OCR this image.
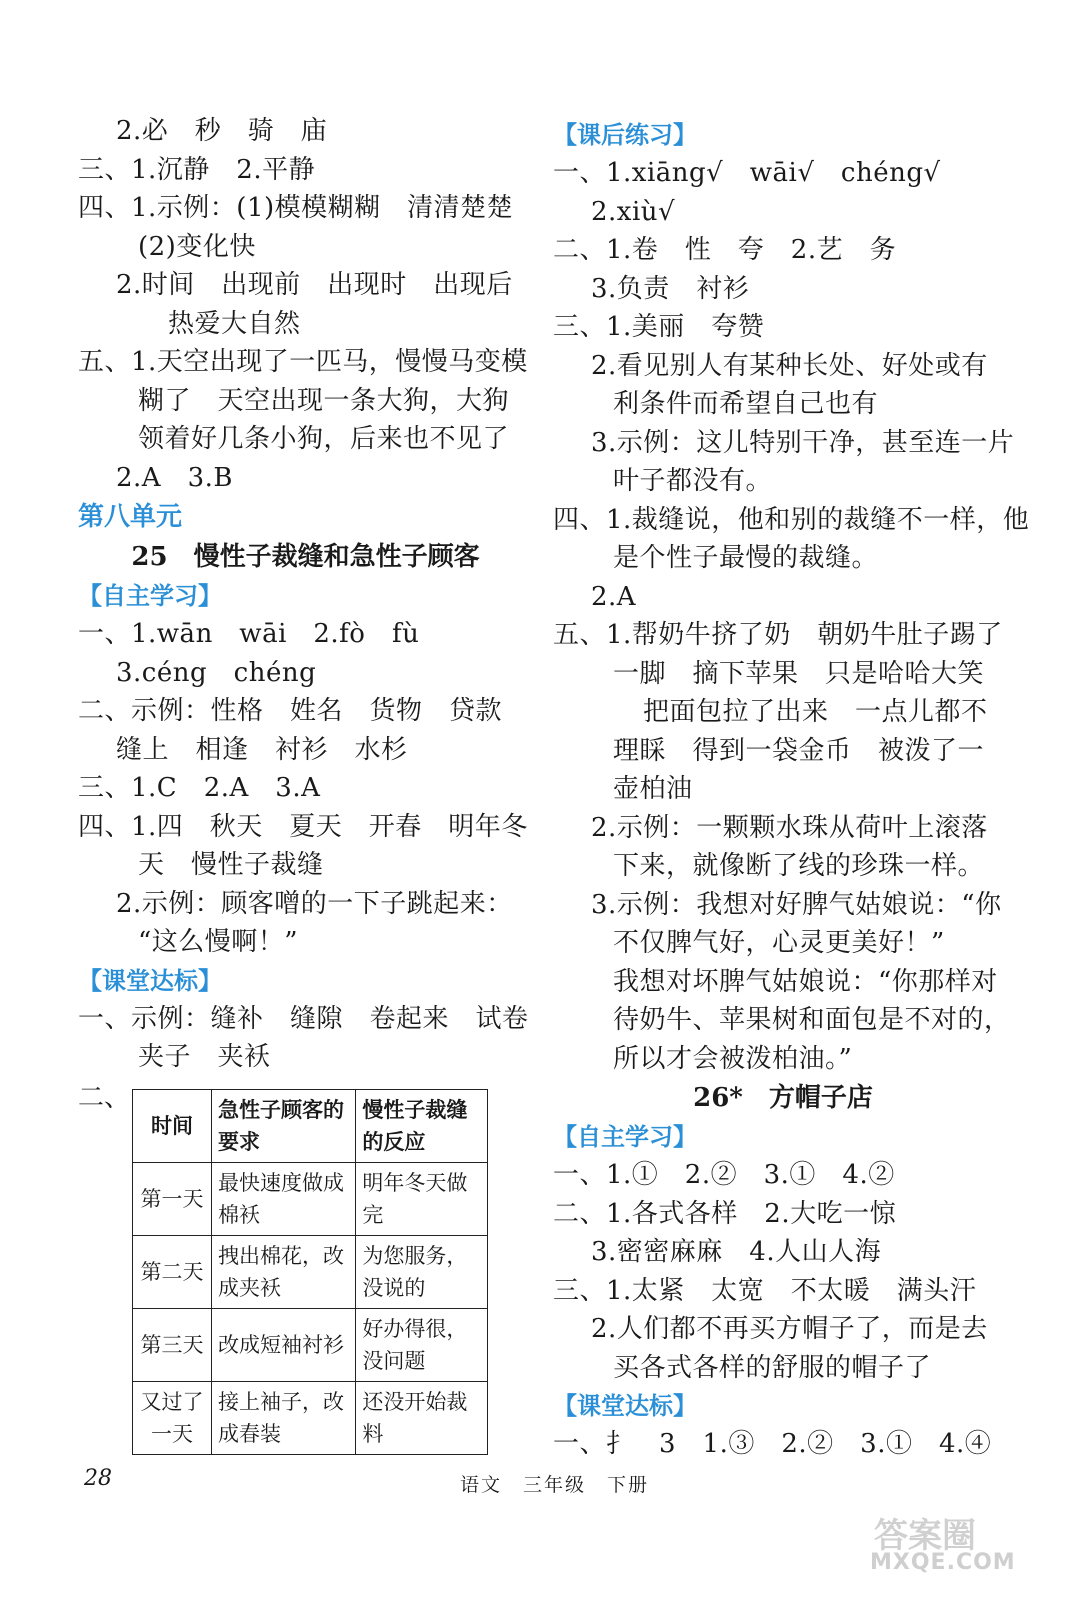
2.必　秒　骑　庙
三、1.沉静　2.平静
四、1.示例：(1)模模糊糊　清清楚楚
(2)变化快
2.时间　出现前　出现时　出现后
热爱大自然
五、1.天空出现了一匹马，慢慢马变模
糊了　天空出现一条大狗，大狗
领着好几条小狗，后来也不见了
2.A　3.B
第八单元
25　慢性子裁缝和急性子顾客
【自主学习】
一、1.wān　wāi　2.fò　fù
3.céng　chéng
二、示例：性格　姓名　货物　贷款
缝上　相逢　衬衫　水杉
三、1.C　2.A　3.A
四、1.四　秋天　夏天　开春　明年冬
天　慢性子裁缝
2.示例：顾客噌的一下子跳起来：
“这么慢啊！”
【课堂达标】
一、示例：缝补　缝隙　卷起来　试卷
夹子　夹袄
二、
时间	急性子顾客的要求	慢性子裁缝的反应
第一天	最快速度做成棉袄	明年冬天做完
第二天	拽出棉花，改成夹袄	为您服务，没说的
第三天	改成短袖衬衫	好办得很，没问题
又过了一天	接上袖子，改成春装	还没开始裁料
【课后练习】
一、1.xiāng√　wāi√　chéng√
2.xiù√
二、1.卷　性　夸　2.艺　务
3.负责　衬衫
三、1.美丽　夸赞
2.看见别人有某种长处、好处或有
利条件而希望自己也有
3.示例：这儿特别干净，甚至连一片
叶子都没有。
四、1.裁缝说，他和别的裁缝不一样，他
是个性子最慢的裁缝。
2.A
五、1.帮奶牛挤了奶　朝奶牛肚子踢了
一脚　摘下苹果　只是哈哈大笑
把面包拉了出来　一点儿都不
理睬　得到一袋金币　被泼了一
壶柏油
2.示例：一颗颗水珠从荷叶上滚落
下来，就像断了线的珍珠一样。
3.示例：我想对好脾气姑娘说：“你
不仅脾气好，心灵更美好！”
我想对坏脾气姑娘说：“你那样对
待奶牛、苹果树和面包是不对的，
所以才会被泼柏油。”
26*　方帽子店
【自主学习】
一、1.①　2.②　3.①　4.②
二、1.各式各样　2.大吃一惊
3.密密麻麻　4.人山人海
三、1.太紧　太宽　不太暖　满头汗
2.人们都不再买方帽子了，而是去
买各式各样的舒服的帽子了
【课堂达标】
一、扌　3　1.③　2.②　3.①　4.④
28	语文　三年级　下册
答案圈
MXQE.COM
